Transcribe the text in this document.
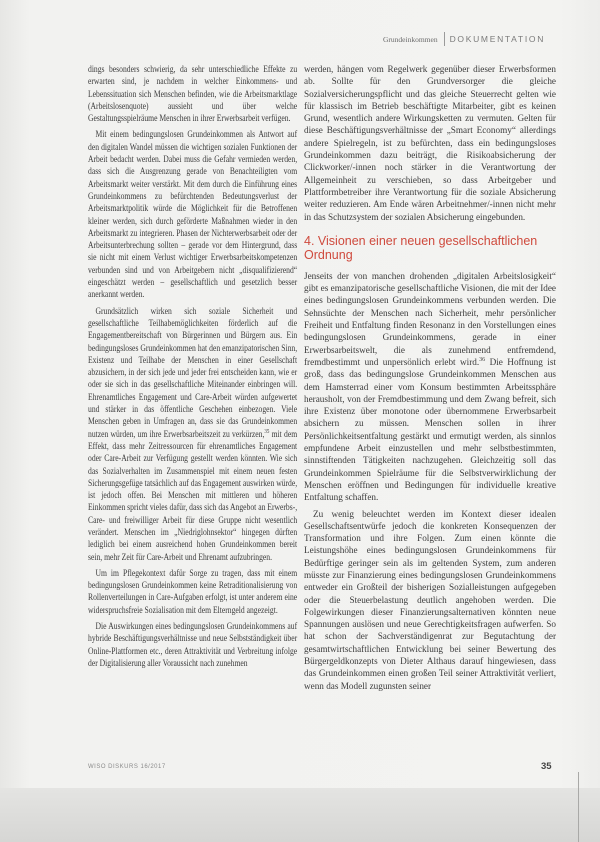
Grundeinkommen DOKUMENTATION

dings besonders schwierig, da sehr unterschiedliche Effekte zu erwarten sind, je nachdem in welcher Einkommens- und Lebenssituation sich Menschen befinden, wie die Arbeitsmarktlage (Arbeitslosenquote) aussieht und über welche Gestaltungsspielräume Menschen in ihrer Erwerbsarbeit verfügen.

Mit einem bedingungslosen Grundeinkommen als Antwort auf den digitalen Wandel müssen die wichtigen sozialen Funktionen der Arbeit bedacht werden. Dabei muss die Gefahr vermieden werden, dass sich die Ausgrenzung gerade von Benachteiligten vom Arbeitsmarkt weiter verstärkt. Mit dem durch die Einführung eines Grundeinkommens zu befürchtenden Bedeutungsverlust der Arbeitsmarktpolitik würde die Möglichkeit für die Betroffenen kleiner werden, sich durch geförderte Maßnahmen wieder in den Arbeitsmarkt zu integrieren. Phasen der Nichterwerbsarbeit oder der Arbeitsunterbrechung sollten – gerade vor dem Hintergrund, dass sie nicht mit einem Verlust wichtiger Erwerbsarbeitskompetenzen verbunden sind und von Arbeitgebern nicht „disqualifizierend“ eingeschätzt werden – gesellschaftlich und gesetzlich besser anerkannt werden.

Grundsätzlich wirken sich soziale Sicherheit und gesellschaftliche Teilhabemöglichkeiten förderlich auf die Engagementbereitschaft von Bürgerinnen und Bürgern aus. Ein bedingungsloses Grundeinkommen hat den emanzipatorischen Sinn, Existenz und Teilhabe der Menschen in einer Gesellschaft abzusichern, in der sich jede und jeder frei entscheiden kann, wie er oder sie sich in das gesellschaftliche Miteinander einbringen will. Ehrenamtliches Engagement und Care-Arbeit würden aufgewertet und stärker in das öffentliche Geschehen einbezogen. Viele Menschen geben in Umfragen an, dass sie das Grundeinkommen nutzen würden, um ihre Erwerbsarbeitszeit zu verkürzen,$^{35}$ mit dem Effekt, dass mehr Zeitressourcen für ehrenamtliches Engagement oder Care-Arbeit zur Verfügung gestellt werden könnten. Wie sich das Sozialverhalten im Zusammenspiel mit einem neuen festen Sicherungsgefüge tatsächlich auf das Engagement auswirken würde, ist jedoch offen. Bei Menschen mit mittleren und höheren Einkommen spricht vieles dafür, dass sich das Angebot an Erwerbs-, Care- und freiwilliger Arbeit für diese Gruppe nicht wesentlich verändert. Menschen im „Niedriglohnsektor“ hingegen dürften lediglich bei einem ausreichend hohen Grundeinkommen bereit sein, mehr Zeit für Care-Arbeit und Ehrenamt aufzubringen.

Um im Pflegekontext dafür Sorge zu tragen, dass mit einem bedingungslosen Grundeinkommen keine Retraditionalisierung von Rollenverteilungen in Care-Aufgaben erfolgt, ist unter anderem eine widerspruchsfreie Sozialisation mit dem Elterngeld angezeigt.

Die Auswirkungen eines bedingungslosen Grundeinkommens auf hybride Beschäftigungsverhältnisse und neue Selbstständigkeit über Online-Plattformen etc., deren Attraktivität und Verbreitung infolge der Digitalisierung aller Voraussicht nach zunehmen

werden, hängen vom Regelwerk gegenüber dieser Erwerbsformen ab. Sollte für den Grundversorger die gleiche Sozialversicherungspflicht und das gleiche Steuerrecht gelten wie für klassisch im Betrieb beschäftigte Mitarbeiter, gibt es keinen Grund, wesentlich andere Wirkungsketten zu vermuten. Gelten für diese Beschäftigungsverhältnisse der „Smart Economy“ allerdings andere Spielregeln, ist zu befürchten, dass ein bedingungsloses Grundeinkommen dazu beiträgt, die Risikoabsicherung der Clickworker/-innen noch stärker in die Verantwortung der Allgemeinheit zu verschieben, so dass Arbeitgeber und Plattformbetreiber ihre Verantwortung für die soziale Absicherung weiter reduzieren. Am Ende wären Arbeitnehmer/-innen nicht mehr in das Schutzsystem der sozialen Absicherung eingebunden.

4. Visionen einer neuen gesellschaftlichen Ordnung

Jenseits der von manchen drohenden „digitalen Arbeitslosigkeit“ gibt es emanzipatorische gesellschaftliche Visionen, die mit der Idee eines bedingungslosen Grundeinkommens verbunden werden. Die Sehnsüchte der Menschen nach Sicherheit, mehr persönlicher Freiheit und Entfaltung finden Resonanz in den Vorstellungen eines bedingungslosen Grundeinkommens, gerade in einer Erwerbsarbeitswelt, die als zunehmend entfremdend, fremdbestimmt und unpersönlich erlebt wird.$^{36}$ Die Hoffnung ist groß, dass das bedingungslose Grundeinkommen Menschen aus dem Hamsterrad einer vom Konsum bestimmten Arbeitssphäre herausholt, von der Fremdbestimmung und dem Zwang befreit, sich ihre Existenz über monotone oder übernommene Erwerbsarbeit absichern zu müssen. Menschen sollen in ihrer Persönlichkeitsentfaltung gestärkt und ermutigt werden, als sinnlos empfundene Arbeit einzustellen und mehr selbstbestimmten, sinnstiftenden Tätigkeiten nachzugehen. Gleichzeitig soll das Grundeinkommen Spielräume für die Selbstverwirklichung der Menschen eröffnen und Bedingungen für individuelle kreative Entfaltung schaffen.

Zu wenig beleuchtet werden im Kontext dieser idealen Gesellschaftsentwürfe jedoch die konkreten Konsequenzen der Transformation und ihre Folgen. Zum einen könnte die Leistungshöhe eines bedingungslosen Grundeinkommens für Bedürftige geringer sein als im geltenden System, zum anderen müsste zur Finanzierung eines bedingungslosen Grundeinkommens entweder ein Großteil der bisherigen Sozialleistungen aufgegeben oder die Steuerbelastung deutlich angehoben werden. Die Folgewirkungen dieser Finanzierungsalternativen könnten neue Spannungen auslösen und neue Gerechtigkeitsfragen aufwerfen. So hat schon der Sachverständigenrat zur Begutachtung der gesamtwirtschaftlichen Entwicklung bei seiner Bewertung des Bürgergeldkonzepts von Dieter Althaus darauf hingewiesen, dass das Grundeinkommen einen großen Teil seiner Attraktivität verliert, wenn das Modell zugunsten seiner

WISO DISKURS 16/2017	35
